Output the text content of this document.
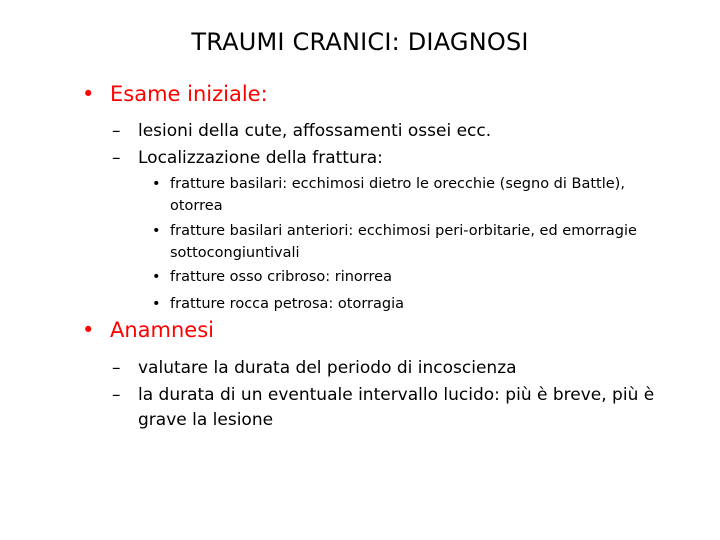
TRAUMI CRANICI: DIAGNOSI
• Esame iniziale:
– lesioni della cute, affossamenti ossei ecc.
– Localizzazione della frattura:
• fratture basilari: ecchimosi dietro le orecchie (segno di Battle), otorrea
• fratture basilari anteriori: ecchimosi peri-orbitarie, ed emorragie sottocongiuntivali
• fratture osso cribroso: rinorrea
• fratture rocca petrosa: otorragia
• Anamnesi
– valutare la durata del periodo di incoscienza
– la durata di un eventuale intervallo lucido: più è breve, più è grave la lesione
